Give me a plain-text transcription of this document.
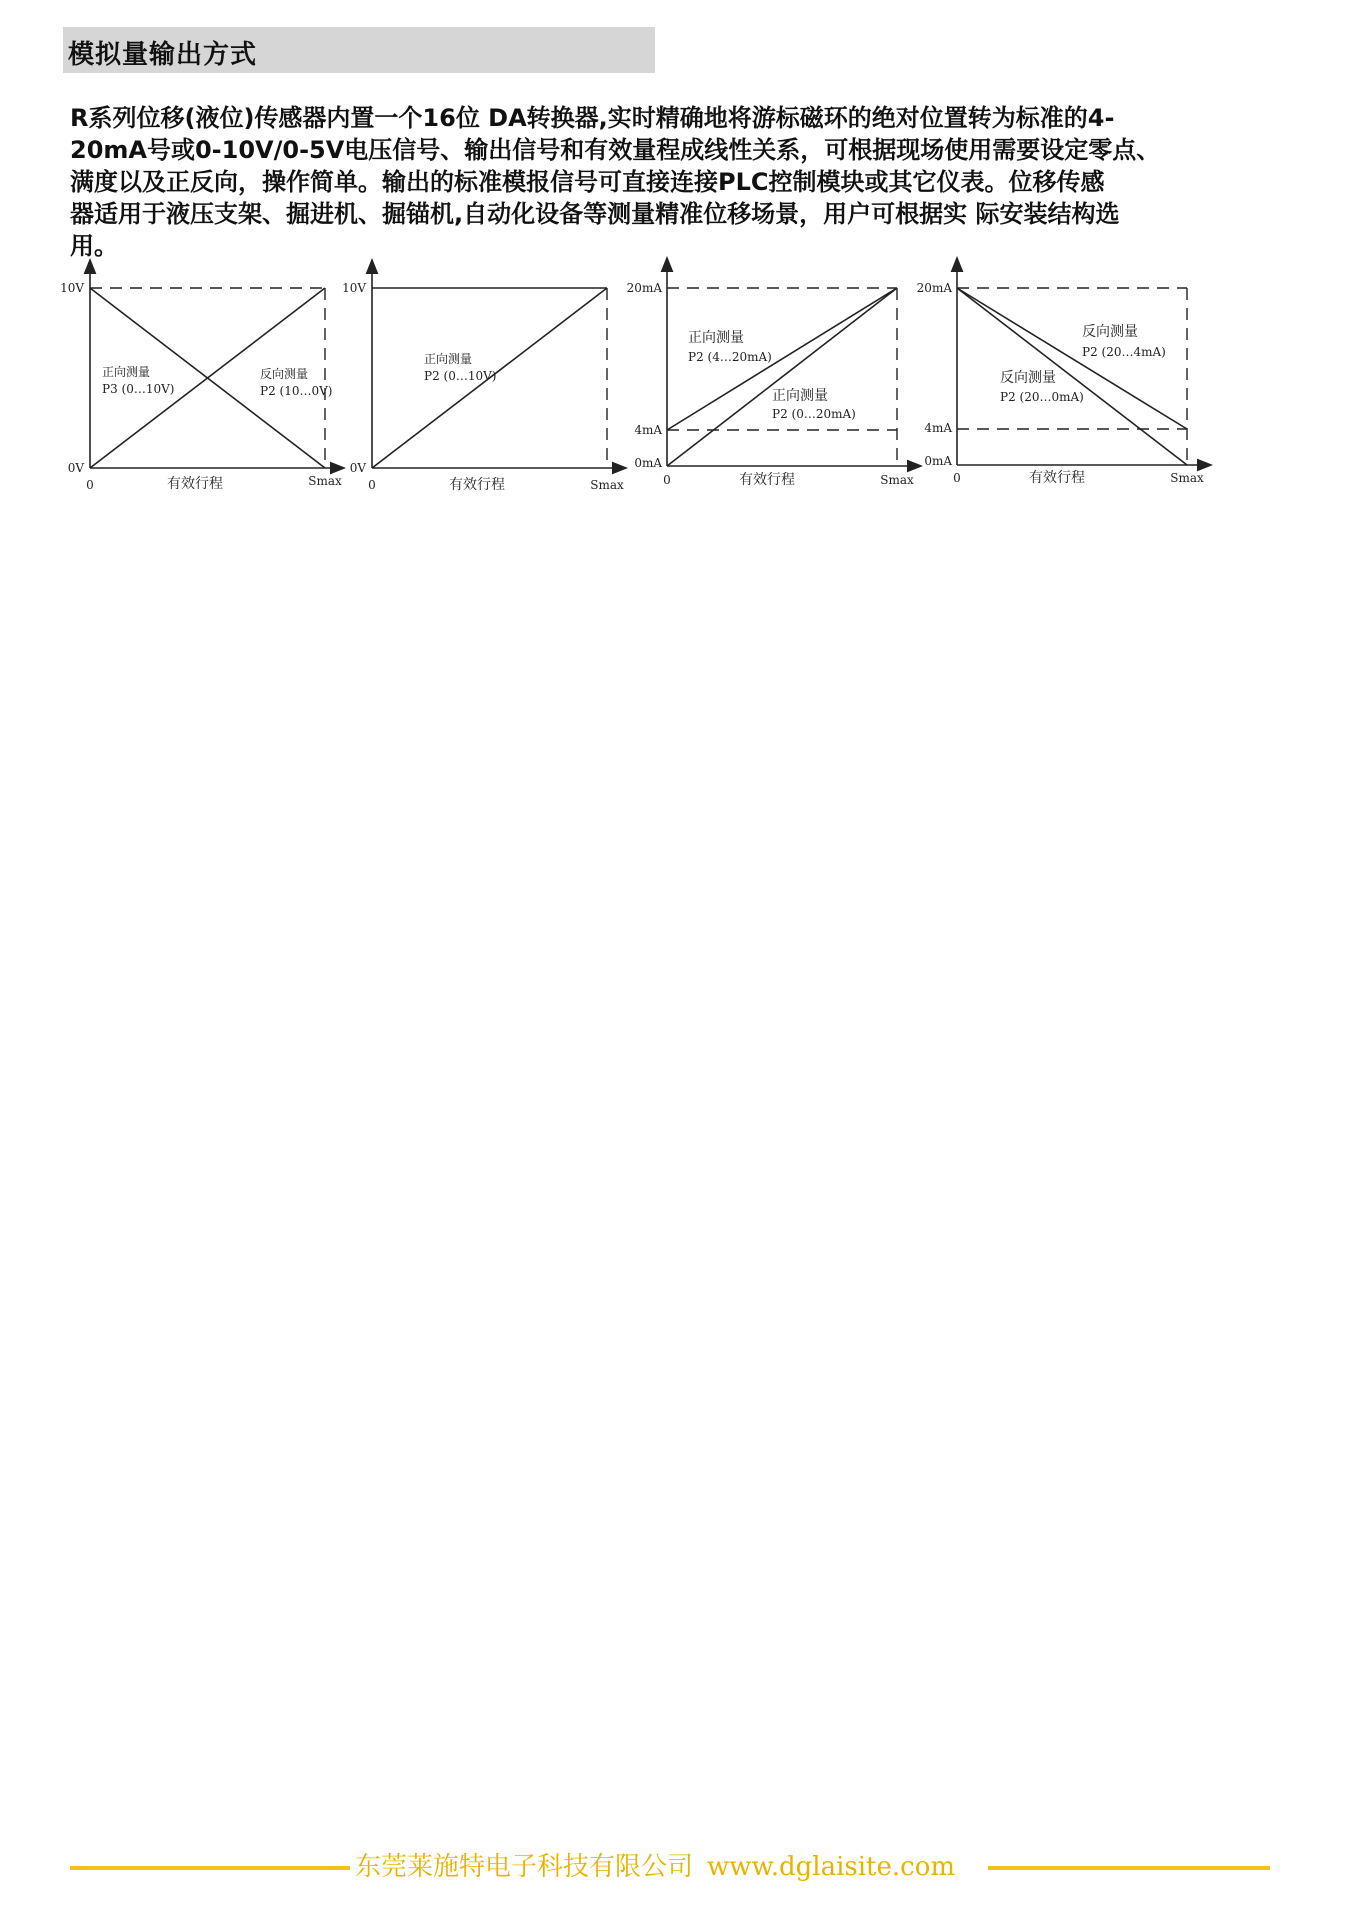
模拟量输出方式

R系列位移(液位)传感器内置一个16位 DA转换器,实时精确地将游标磁环的绝对位置转为标准的4-
20mA号或0-10V/0-5V电压信号、输出信号和有效量程成线性关系，可根据现场使用需要设定零点、
满度以及正反向，操作简单。输出的标准模报信号可直接连接PLC控制模块或其它仪表。位移传感
器适用于液压支架、掘进机、掘锚机,自动化设备等测量精准位移场景，用户可根据实 际安装结构选
用。

10V
0V
0	Smax
有效行程
正向测量
P3 (0…10V)
反向测量
P2 (10…0V)
10V
0V
0	Smax
有效行程
正向测量
P2 (0…10V)
20mA
4mA
0mA
0	Smax
有效行程
正向测量
P2 (4…20mA)
正向测量
P2 (0…20mA)
20mA
4mA
0mA
0	Smax
有效行程
反向测量
P2 (20…4mA)
反向测量
P2 (20…0mA)
东莞莱施特电子科技有限公司 www.dglaisite.com
